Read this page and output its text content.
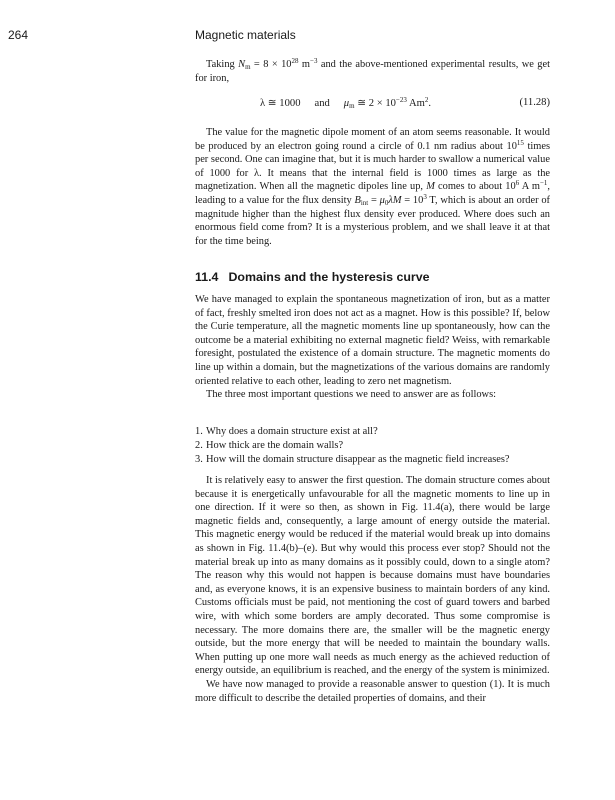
264	Magnetic materials

Taking $N_m = 8 \times 10^{28}$ $m^{-3}$ and the above-mentioned experimental results, we get for iron,

λ ≅ 1000 and $\mu_m$ ≅ $2 \times 10^{-23}$ Am$^2$.	(11.28)

The value for the magnetic dipole moment of an atom seems reasonable. It would be produced by an electron going round a circle of 0.1 nm radius about $10^{15}$ times per second. One can imagine that, but it is much harder to swallow a numerical value of 1000 for λ. It means that the internal field is 1000 times as large as the magnetization. When all the magnetic dipoles line up, M comes to about $10^6$ A $m^{-1}$, leading to a value for the flux density $B_{int} = \mu_0\lambda M = 10^3$ T, which is about an order of magnitude higher than the highest flux density ever produced. Where does such an enormous field come from? It is a mysterious problem, and we shall leave it at that for the time being.

11.4 Domains and the hysteresis curve

We have managed to explain the spontaneous magnetization of iron, but as a matter of fact, freshly smelted iron does not act as a magnet. How is this possible? If, below the Curie temperature, all the magnetic moments line up spontaneously, how can the outcome be a material exhibiting no external magnetic field? Weiss, with remarkable foresight, postulated the existence of a domain structure. The magnetic moments do line up within a domain, but the magnetizations of the various domains are randomly oriented relative to each other, leading to zero net magnetism.

The three most important questions we need to answer are as follows:

1. Why does a domain structure exist at all?
2. How thick are the domain walls?
3. How will the domain structure disappear as the magnetic field increases?

It is relatively easy to answer the first question. The domain structure comes about because it is energetically unfavourable for all the magnetic moments to line up in one direction. If it were so then, as shown in Fig. 11.4(a), there would be large magnetic fields and, consequently, a large amount of energy outside the material. This magnetic energy would be reduced if the material would break up into domains as shown in Fig. 11.4(b)–(e). But why would this process ever stop? Should not the material break up into as many domains as it possibly could, down to a single atom? The reason why this would not happen is because domains must have boundaries and, as everyone knows, it is an expensive business to maintain borders of any kind. Customs officials must be paid, not mentioning the cost of guard towers and barbed wire, with which some borders are amply decorated. Thus some compromise is necessary. The more domains there are, the smaller will be the magnetic energy outside, but the more energy that will be needed to maintain the boundary walls. When putting up one more wall needs as much energy as the achieved reduction of energy outside, an equilibrium is reached, and the energy of the system is minimized.

We have now managed to provide a reasonable answer to question (1). It is much more difficult to describe the detailed properties of domains, and their
